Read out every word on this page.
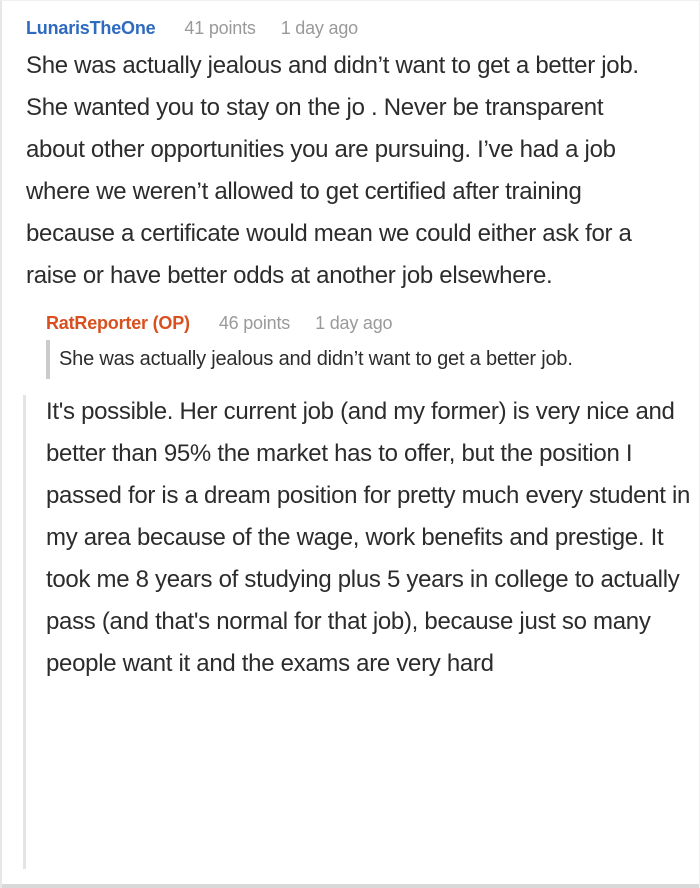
LunarisTheOne 41 points 1 day ago
She was actually jealous and didn’t want to get a better job. She wanted you to stay on the jo . Never be transparent about other opportunities you are pursuing. I’ve had a job where we weren’t allowed to get certified after training because a certificate would mean we could either ask for a raise or have better odds at another job elsewhere.
RatReporter (OP) 46 points 1 day ago
She was actually jealous and didn’t want to get a better job.
It's possible. Her current job (and my former) is very nice and better than 95% the market has to offer, but the position I passed for is a dream position for pretty much every student in my area because of the wage, work benefits and prestige. It took me 8 years of studying plus 5 years in college to actually pass (and that's normal for that job), because just so many people want it and the exams are very hard
